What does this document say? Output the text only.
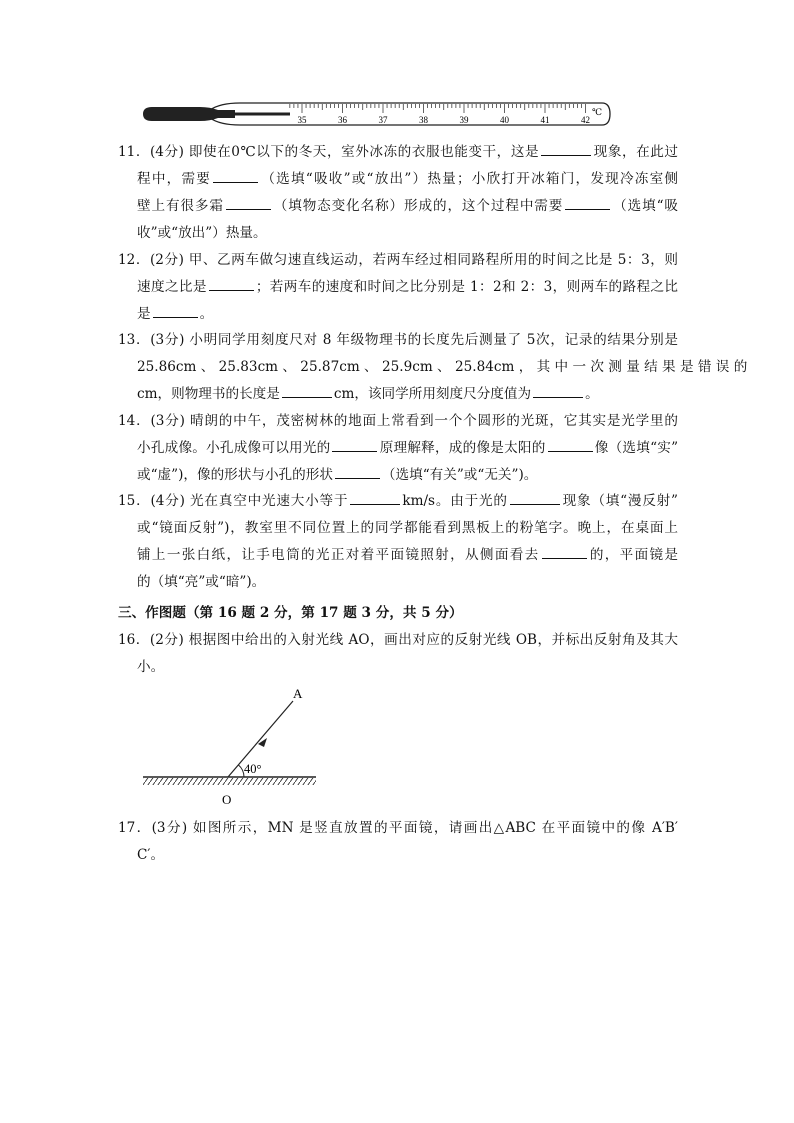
35	36	37	38	39	40	41	42
℃
11．(4分) 即使在0℃以下的冬天，室外冰冻的衣服也能变干，这是	现象，在此过
程中，需要	（选填“吸收”或“放出”）热量；小欣打开冰箱门，发现冷冻室侧
壁上有很多霜	（填物态变化名称）形成的，这个过程中需要	（选填“吸
收”或“放出”）热量。
12．(2分) 甲、乙两车做匀速直线运动，若两车经过相同路程所用的时间之比是 5：3，则
速度之比是	；若两车的速度和时间之比分别是 1：2和 2：3，则两车的路程之比
是	。
13．(3分) 小明同学用刻度尺对 8 年级物理书的长度先后测量了 5次，记录的结果分别是
25.86cm 、 25.83cm 、 25.87cm 、 25.9cm 、 25.84cm ， 其 中 一 次 测 量 结 果 是 错 误 的
cm，则物理书的长度是	cm，该同学所用刻度尺分度值为	。
14．(3分) 晴朗的中午，茂密树林的地面上常看到一个个圆形的光斑，它其实是光学里的
小孔成像。小孔成像可以用光的	原理解释，成的像是太阳的	像（选填“实”
或“虚”)，像的形状与小孔的形状	（选填“有关”或“无关”)。
15．(4分) 光在真空中光速大小等于	km/s。由于光的	现象（填“漫反射”
或“镜面反射”)，教室里不同位置上的同学都能看到黑板上的粉笔字。晚上，在桌面上
铺上一张白纸，让手电筒的光正对着平面镜照射，从侧面看去	的，平面镜是
的（填“亮”或“暗”)。
三、作图题（第 16 题 2 分，第 17 题 3 分，共 5 分）
16．(2分) 根据图中给出的入射光线 AO，画出对应的反射光线 OB，并标出反射角及其大
小。
A
40°
O
17．(3分) 如图所示，MN 是竖直放置的平面镜，请画出△ABC 在平面镜中的像 A′B′
C′。
